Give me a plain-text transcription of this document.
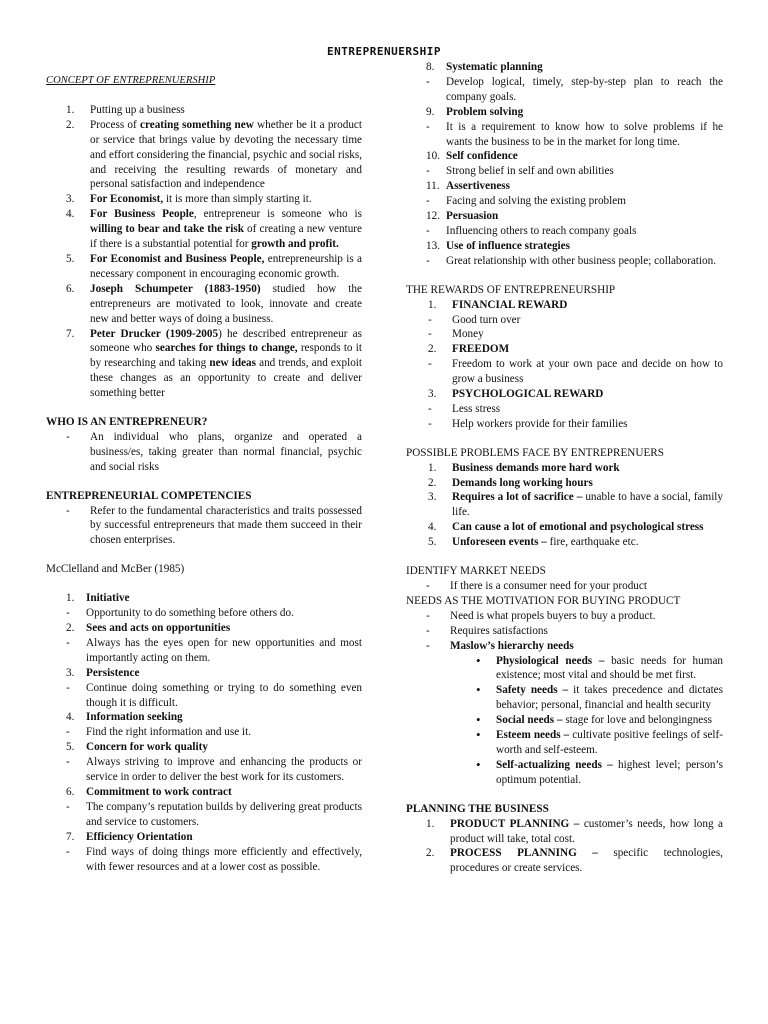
ENTREPRENUERSHIP

CONCEPT OF ENTREPRENUERSHIP

1.	Putting up a business
2.	Process of creating something new whether be it a product or service that brings value by devoting the necessary time and effort considering the financial, psychic and social risks, and receiving the resulting rewards of monetary and personal satisfaction and independence
3.	For Economist, it is more than simply starting it.
4.	For Business People, entrepreneur is someone who is willing to bear and take the risk of creating a new venture if there is a substantial potential for growth and profit.
5.	For Economist and Business People, entrepreneurship is a necessary component in encouraging economic growth.
6.	Joseph Schumpeter (1883-1950) studied how the entrepreneurs are motivated to look, innovate and create new and better ways of doing a business.
7.	Peter Drucker (1909-2005) he described entrepreneur as someone who searches for things to change, responds to it by researching and taking new ideas and trends, and exploit these changes as an opportunity to create and deliver something better

WHO IS AN ENTREPRENEUR?

-	An individual who plans, organize and operated a business/es, taking greater than normal financial, psychic and social risks

ENTREPRENEURIAL COMPETENCIES

-	Refer to the fundamental characteristics and traits possessed by successful entrepreneurs that made them succeed in their chosen enterprises.

McClelland and McBer (1985)

1.	Initiative
-	Opportunity to do something before others do.
2.	Sees and acts on opportunities
-	Always has the eyes open for new opportunities and most importantly acting on them.
3.	Persistence
-	Continue doing something or trying to do something even though it is difficult.
4.	Information seeking
-	Find the right information and use it.
5.	Concern for work quality
-	Always striving to improve and enhancing the products or service in order to deliver the best work for its customers.
6.	Commitment to work contract
-	The company’s reputation builds by delivering great products and service to customers.
7.	Efficiency Orientation
-	Find ways of doing things more efficiently and effectively, with fewer resources and at a lower cost as possible.
8.	Systematic planning
-	Develop logical, timely, step-by-step plan to reach the company goals.
9.	Problem solving
-	It is a requirement to know how to solve problems if he wants the business to be in the market for long time.
10. Self confidence
-	Strong belief in self and own abilities
11. Assertiveness
-	Facing and solving the existing problem
12. Persuasion
-	Influencing others to reach company goals
13. Use of influence strategies
-	Great relationship with other business people; collaboration.

THE REWARDS OF ENTREPRENEURSHIP

1.	FINANCIAL REWARD
-	Good turn over
-	Money
2.	FREEDOM
-	Freedom to work at your own pace and decide on how to grow a business
3.	PSYCHOLOGICAL REWARD
-	Less stress
-	Help workers provide for their families

POSSIBLE PROBLEMS FACE BY ENTREPRENUERS

1.	Business demands more hard work
2.	Demands long working hours
3.	Requires a lot of sacrifice – unable to have a social, family life.
4.	Can cause a lot of emotional and psychological stress
5.	Unforeseen events – fire, earthquake etc.

IDENTIFY MARKET NEEDS

-	If there is a consumer need for your product

NEEDS AS THE MOTIVATION FOR BUYING PRODUCT

-	Need is what propels buyers to buy a product.
-	Requires satisfactions
-	Maslow’s hierarchy needs
•	Physiological needs – basic needs for human existence; most vital and should be met first.
•	Safety needs – it takes precedence and dictates behavior; personal, financial and health security
•	Social needs – stage for love and belongingness
•	Esteem needs – cultivate positive feelings of self-worth and self-esteem.
•	Self-actualizing needs – highest level; person’s optimum potential.

PLANNING THE BUSINESS

1.	PRODUCT PLANNING – customer’s needs, how long a product will take, total cost.
2.	PROCESS PLANNING – specific technologies, procedures or create services.
